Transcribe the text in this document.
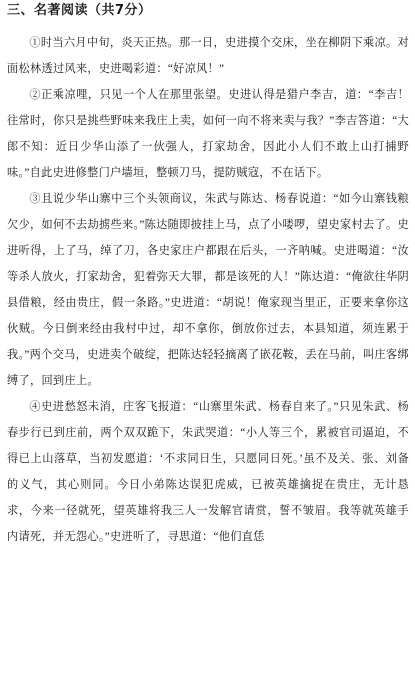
三、名著阅读（共7分）

①时当六月中旬，炎天正热。那一日，史进摸个交床，坐在柳阴下乘凉。对面松林透过风来，史进喝彩道：“好凉风！”

②正乘凉哩，只见一个人在那里张望。史进认得是猎户李吉，道：“李吉！往常时，你只是挑些野味来我庄上卖，如何一向不将来卖与我？”李吉答道：“大郎不知：近日少华山添了一伙强人，打家劫舍，因此小人们不敢上山打捕野味。”自此史进修整门户墙垣，整顿刀马，提防贼寇，不在话下。

③且说少华山寨中三个头领商议，朱武与陈达、杨春说道：“如今山寨钱粮欠少，如何不去劫掳些来。”陈达随即披挂上马，点了小喽啰，望史家村去了。史进听得，上了马，绰了刀，各史家庄户都跟在后头，一齐呐喊。史进喝道：“汝等杀人放火，打家劫舍，犯着弥天大罪，都是该死的人！”陈达道：“俺欲往华阴县借粮，经由贵庄，假一条路。”史进道：“胡说！俺家现当里正，正要来拿你这伙贼。今日倒来经由我村中过，却不拿你，倒放你过去，本县知道，须连累于我。”两个交马，史进卖个破绽，把陈达轻轻摘离了嵌花鞍，丢在马前，叫庄客绑缚了，回到庄上。

④史进愁怒未消，庄客飞报道：“山寨里朱武、杨春自来了。”只见朱武、杨春步行已到庄前，两个双双跪下，朱武哭道：“小人等三个，累被官司逼迫，不得已上山落草，当初发愿道：‘不求同日生，只愿同日死。’虽不及关、张、刘备的义气，其心则同。今日小弟陈达误犯虎威，已被英雄擒捉在贵庄，无计恳求，今来一径就死，望英雄将我三人一发解官请赏，誓不皱眉。我等就英雄手内请死，并无怨心。”史进听了，寻思道：“他们直恁
